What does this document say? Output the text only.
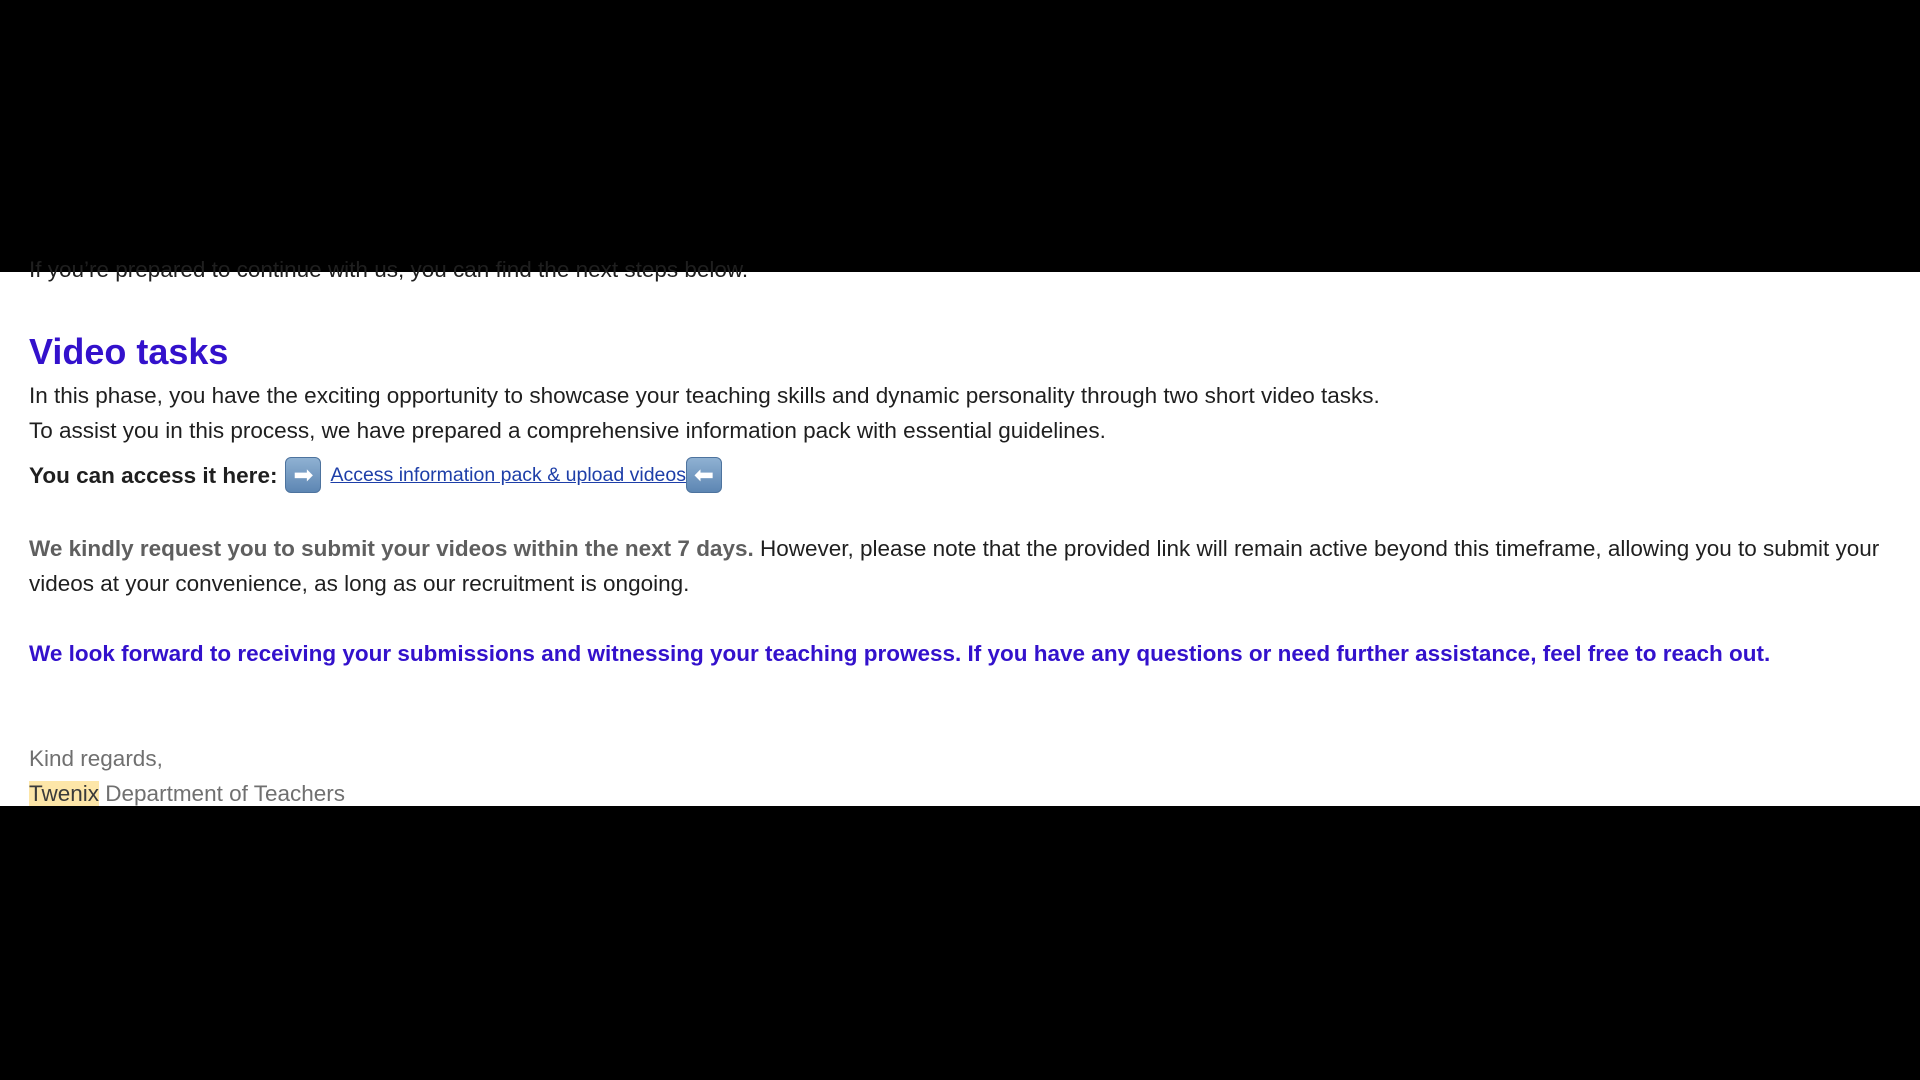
If you’re prepared to continue with us, you can find the next steps below.

Video tasks

In this phase, you have the exciting opportunity to showcase your teaching skills and dynamic personality through two short video tasks.

To assist you in this process, we have prepared a comprehensive information pack with essential guidelines.

You can access it here: ➡ Access information pack & upload videos ⬅

We kindly request you to submit your videos within the next 7 days. However, please note that the provided link will remain active beyond this timeframe, allowing you to submit your videos at your convenience, as long as our recruitment is ongoing.

We look forward to receiving your submissions and witnessing your teaching prowess. If you have any questions or need further assistance, feel free to reach out.

Kind regards,

Twenix Department of Teachers
